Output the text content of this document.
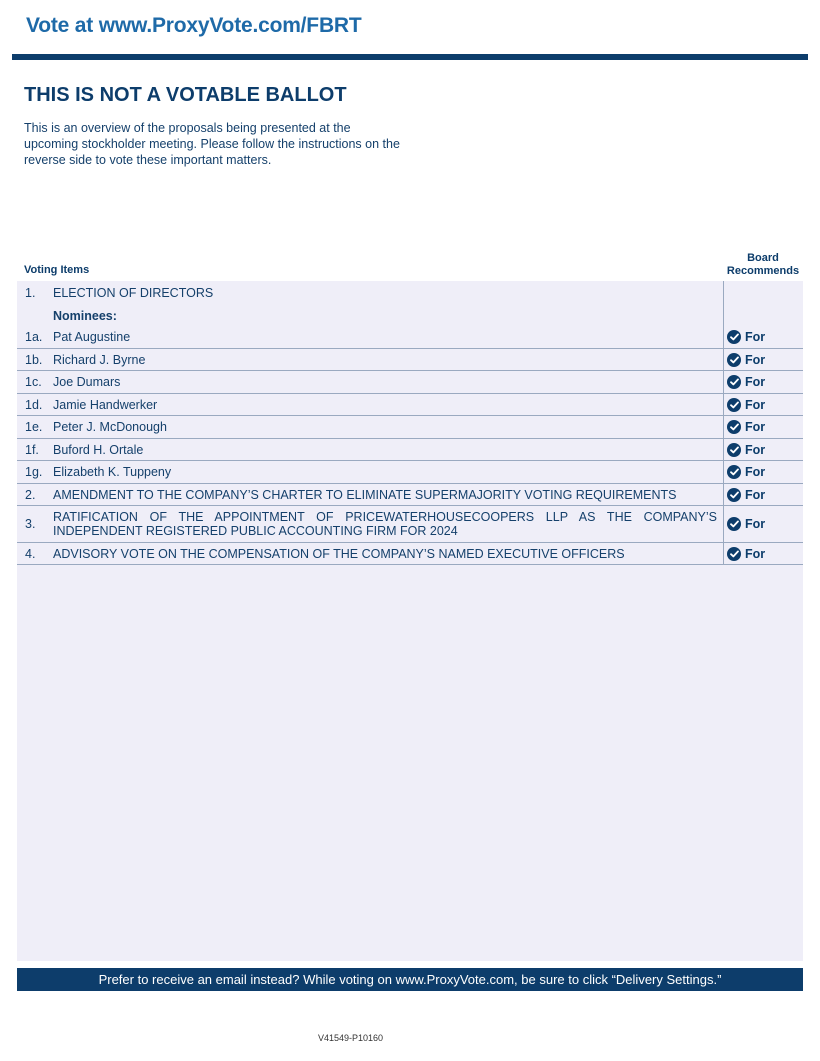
Vote at www.ProxyVote.com/FBRT
THIS IS NOT A VOTABLE BALLOT
This is an overview of the proposals being presented at the upcoming stockholder meeting. Please follow the instructions on the reverse side to vote these important matters.
Voting Items
Board Recommends
1.	ELECTION OF DIRECTORS
Nominees:
1a. Pat Augustine	For
1b. Richard J. Byrne	For
1c. Joe Dumars	For
1d. Jamie Handwerker	For
1e. Peter J. McDonough	For
1f.	Buford H. Ortale	For
1g. Elizabeth K. Tuppeny	For
2.	AMENDMENT TO THE COMPANY’S CHARTER TO ELIMINATE SUPERMAJORITY VOTING REQUIREMENTS	For
3.	RATIFICATION OF THE APPOINTMENT OF PRICEWATERHOUSECOOPERS LLP AS THE COMPANY’S INDEPENDENT REGISTERED PUBLIC ACCOUNTING FIRM FOR 2024	For
4.	ADVISORY VOTE ON THE COMPENSATION OF THE COMPANY’S NAMED EXECUTIVE OFFICERS	For
Prefer to receive an email instead? While voting on www.ProxyVote.com, be sure to click “Delivery Settings.”
V41549-P10160
